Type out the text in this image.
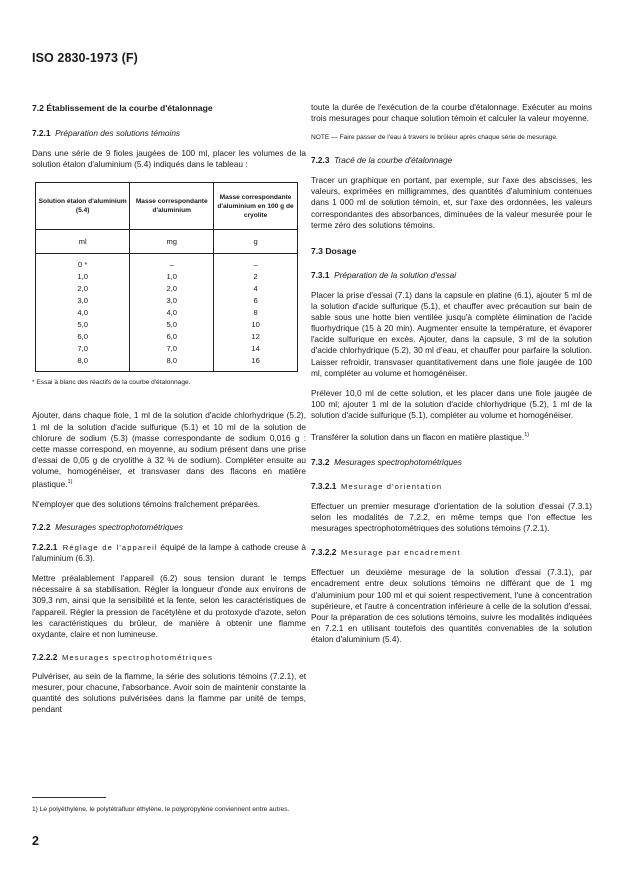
ISO 2830-1973 (F)
7.2 Établissement de la courbe d'étalonnage
7.2.1 Préparation des solutions témoins

Dans une série de 9 fioles jaugées de 100 ml, placer les volumes de la solution étalon d'aluminium (5.4) indiqués dans le tableau :

Solution étalon d'aluminium (5.4)	Masse correspondante d'aluminium	Masse correspondante d'aluminium en 100 g de cryolite
ml	mg	g
0 *	–	–
1,0	1,0	2
2,0	2,0	4
3,0	3,0	6
4,0	4,0	8
5,0	5,0	10
6,0	6,0	12
7,0	7,0	14
8,0	8,0	16
* Essai à blanc des réactifs de la courbe d'étalonnage.

Ajouter, dans chaque fiole, 1 ml de la solution d'acide chlorhydrique (5.2), 1 ml de la solution d'acide sulfurique (5.1) et 10 ml de la solution de chlorure de sodium (5.3) (masse correspondante de sodium 0,016 g : cette masse correspond, en moyenne, au sodium présent dans une prise d'essai de 0,05 g de cryolithe à 32 % de sodium). Compléter ensuite au volume, homogénéiser, et transvaser dans des flacons en matière plastique.$^{1)}$

N'employer que des solutions témoins fraîchement préparées.

7.2.2 Mesurages spectrophotométriques

7.2.2.1 Réglage de l'appareil équipé de la lampe à cathode creuse à l'aluminium (6.3).

Mettre préalablement l'appareil (6.2) sous tension durant le temps nécessaire à sa stabilisation. Régler la longueur d'onde aux environs de 309,3 nm, ainsi que la sensibilité et la fente, selon les caractéristiques de l'appareil. Régler la pression de l'acétylène et du protoxyde d'azote, selon les caractéristiques du brûleur, de manière à obtenir une flamme oxydante, claire et non lumineuse.

7.2.2.2 Mesurages spectrophotométriques

Pulvériser, au sein de la flamme, la série des solutions témoins (7.2.1), et mesurer, pour chacune, l'absorbance. Avoir soin de maintenir constante la quantité des solutions pulvérisées dans la flamme par unité de temps, pendant

toute la durée de l'exécution de la courbe d'étalonnage. Exécuter au moins trois mesurages pour chaque solution témoin et calculer la valeur moyenne.

NOTE — Faire passer de l'eau à travers le brûleur après chaque série de mesurage.

7.2.3 Tracé de la courbe d'étalonnage

Tracer un graphique en portant, par exemple, sur l'axe des abscisses, les valeurs, exprimées en milligrammes, des quantités d'aluminium contenues dans 1 000 ml de solution témoin, et, sur l'axe des ordonnées, les valeurs correspondantes des absorbances, diminuées de la valeur mesurée pour le terme zéro des solutions témoins.

7.3 Dosage
7.3.1 Préparation de la solution d'essai

Placer la prise d'essai (7.1) dans la capsule en platine (6.1), ajouter 5 ml de la solution d'acide sulfurique (5.1), et chauffer avec précaution sur bain de sable sous une hotte bien ventilée jusqu'à complète élimination de l'acide fluorhydrique (15 à 20 min). Augmenter ensuite la température, et évaporer l'acide sulfurique en excès. Ajouter, dans la capsule, 3 ml de la solution d'acide chlorhydrique (5.2), 30 ml d'eau, et chauffer pour parfaire la solution. Laisser refroidir, transvaser quantitativement dans une fiole jaugée de 100 ml, compléter au volume et homogénéiser.

Prélever 10,0 ml de cette solution, et les placer dans une fiole jaugée de 100 ml; ajouter 1 ml de la solution d'acide chlorhydrique (5.2), 1 ml de la solution d'acide sulfurique (5.1), compléter au volume et homogénéiser.

Transférer la solution dans un flacon en matière plastique.$^{1)}$

7.3.2 Mesurages spectrophotométriques
7.3.2.1 Mesurage d'orientation

Effectuer un premier mesurage d'orientation de la solution d'essai (7.3.1) selon les modalités de 7.2.2, en même temps que l'on effectue les mesurages spectrophotométriques des solutions témoins (7.2.1).

7.3.2.2 Mesurage par encadrement

Effectuer un deuxième mesurage de la solution d'essai (7.3.1), par encadrement entre deux solutions témoins ne différant que de 1 mg d'aluminium pour 100 ml et qui soient respectivement, l'une à concentration supérieure, et l'autre à concentration inférieure à celle de la solution d'essai. Pour la préparation de ces solutions témoins, suivre les modalités indiquées en 7.2.1 en utilisant toutefois des quantités convenables de la solution étalon d'aluminium (5.4).

1) Le polyéthylène, le polytétrafluor éthylène, le polypropylène conviennent entre autres.
2
